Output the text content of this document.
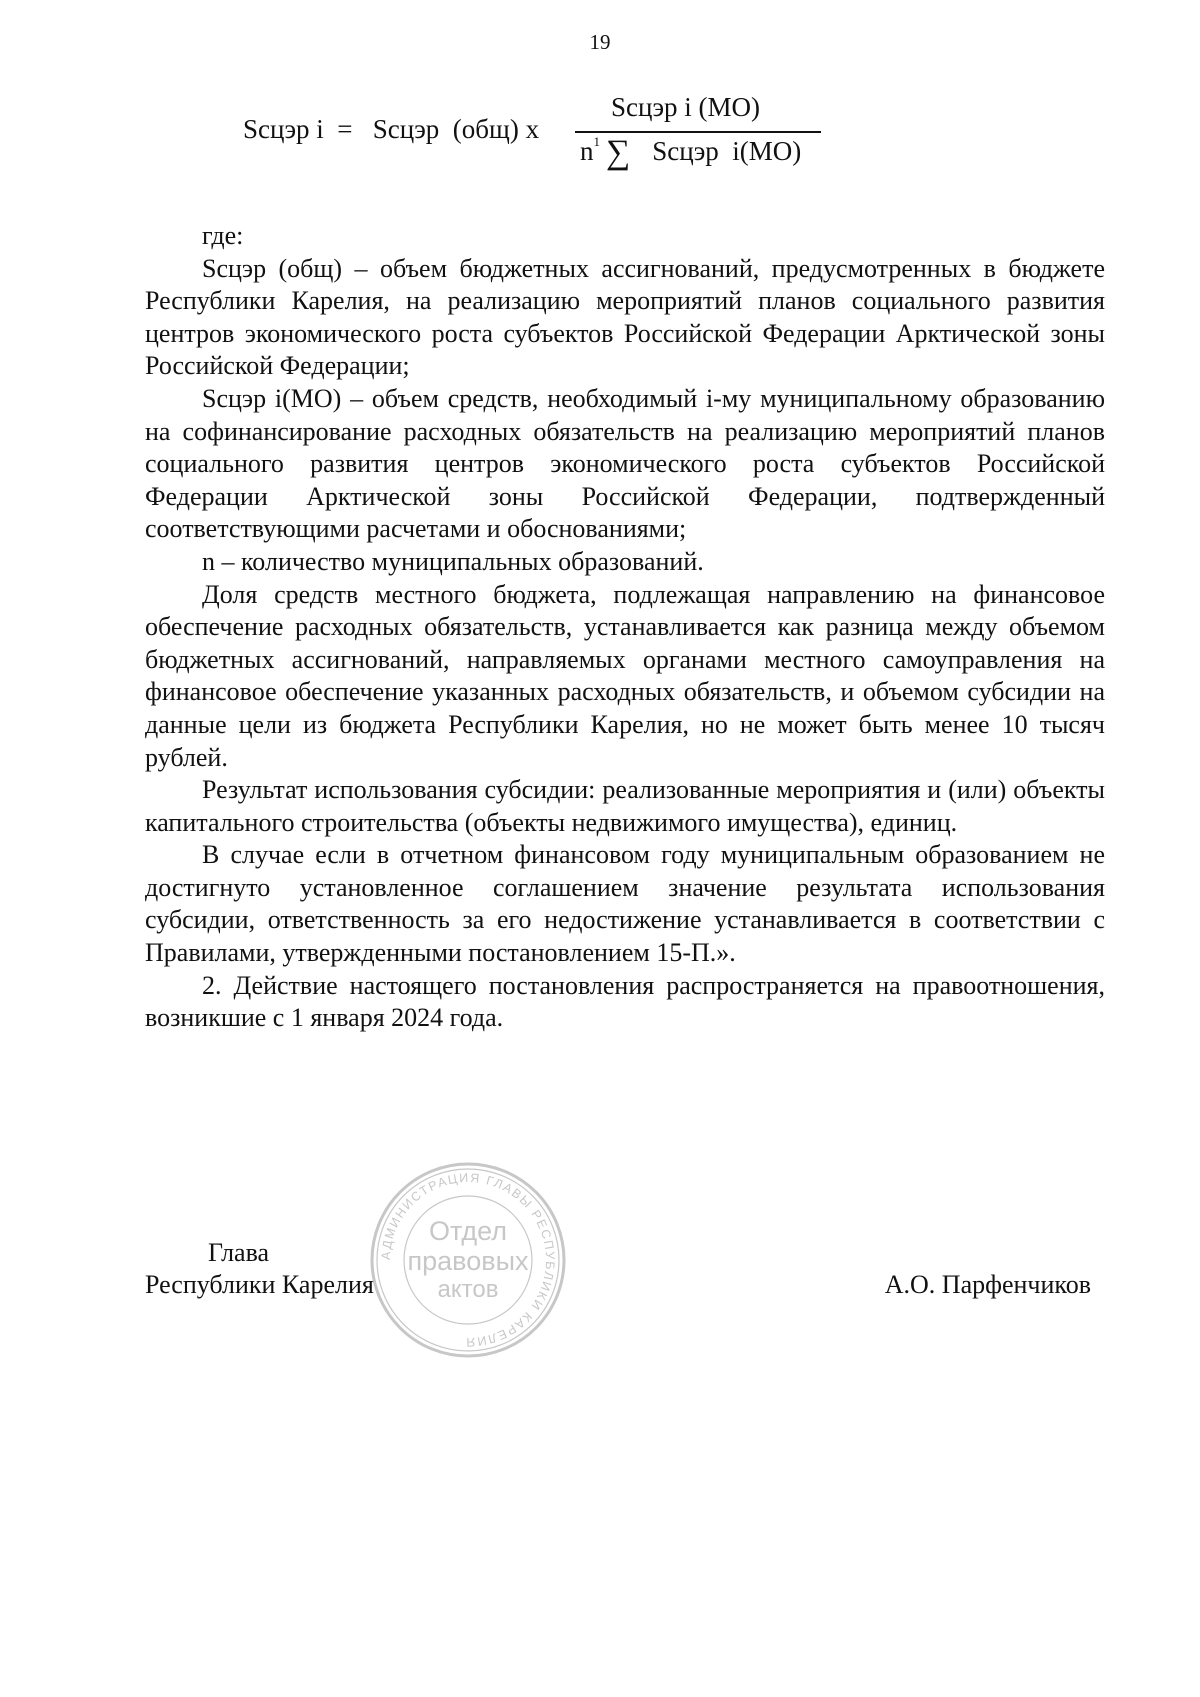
19
Sсцэр i  =   Sсцэр  (общ) х
Sсцэр i (МО)
$n^1$ ∑ Sсцэр  i(МО)

где:

Sсцэр (общ) – объем бюджетных ассигнований, предусмотренных в бюджете Республики Карелия, на реализацию мероприятий планов социального развития центров экономического роста субъектов Российской Федерации Арктической зоны Российской Федерации;

Sсцэр i(МО) – объем средств, необходимый i-му муниципальному образованию на софинансирование расходных обязательств на реализацию мероприятий планов социального развития центров экономического роста субъектов Российской Федерации Арктической зоны Российской Федерации, подтвержденный соответствующими расчетами и обоснованиями;

n – количество муниципальных образований.

Доля средств местного бюджета, подлежащая направлению на финансовое обеспечение расходных обязательств, устанавливается как разница между объемом бюджетных ассигнований, направляемых органами местного самоуправления на финансовое обеспечение указанных расходных обязательств, и объемом субсидии на данные цели из бюджета Республики Карелия, но не может быть менее 10 тысяч рублей.

Результат использования субсидии: реализованные мероприятия и (или) объекты капитального строительства (объекты недвижимого имущества), единиц.

В случае если в отчетном финансовом году муниципальным образованием не достигнуто установленное соглашением значение результата использования субсидии, ответственность за его недостижение устанавливается в соответствии с Правилами, утвержденными постановлением 15-П.».

2. Действие настоящего постановления распространяется на правоотношения, возникшие с 1 января 2024 года.

Глава
Республики Карелия	А.О. Парфенчиков
АДМИНИСТРАЦИЯ ГЛАВЫ РЕСПУБЛИКИ КАРЕЛИЯ
Отдел
правовых
актов
